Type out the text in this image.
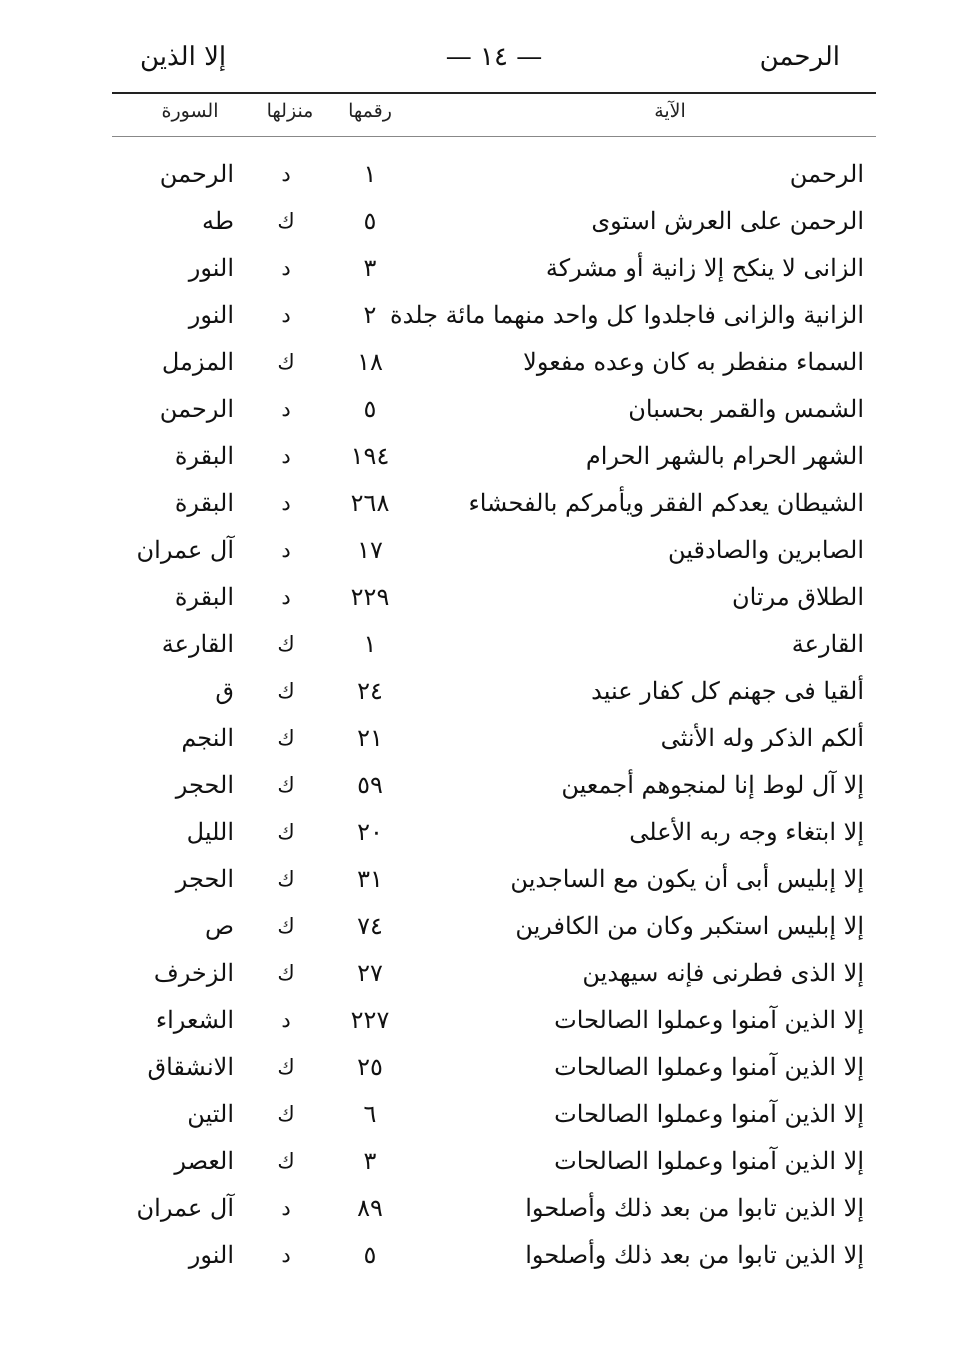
الرحمن
— ١٤ —
إلا الذين
الآية
رقمها
منزلها
السورة
الرحمن
١
د
الرحمن
الرحمن على العرش استوى
٥
ك
طه
الزانى لا ينكح إلا زانية أو مشركة
٣
د
النور
الزانية والزانى فاجلدوا كل واحد منهما مائة جلدة
٢
د
النور
السماء منفطر به كان وعده مفعولا
١٨
ك
المزمل
الشمس والقمر بحسبان
٥
د
الرحمن
الشهر الحرام بالشهر الحرام
١٩٤
د
البقرة
الشيطان يعدكم الفقر ويأمركم بالفحشاء
٢٦٨
د
البقرة
الصابرين والصادقين
١٧
د
آل عمران
الطلاق مرتان
٢٢٩
د
البقرة
القارعة
١
ك
القارعة
ألقيا فى جهنم كل كفار عنيد
٢٤
ك
ق
ألكم الذكر وله الأنثى
٢١
ك
النجم
إلا آل لوط إنا لمنجوهم أجمعين
٥٩
ك
الحجر
إلا ابتغاء وجه ربه الأعلى
٢٠
ك
الليل
إلا إبليس أبى أن يكون مع الساجدين
٣١
ك
الحجر
إلا إبليس استكبر وكان من الكافرين
٧٤
ك
ص
إلا الذى فطرنى فإنه سيهدين
٢٧
ك
الزخرف
إلا الذين آمنوا وعملوا الصالحات
٢٢٧
د
الشعراء
إلا الذين آمنوا وعملوا الصالحات
٢٥
ك
الانشقاق
إلا الذين آمنوا وعملوا الصالحات
٦
ك
التين
إلا الذين آمنوا وعملوا الصالحات
٣
ك
العصر
إلا الذين تابوا من بعد ذلك وأصلحوا
٨٩
د
آل عمران
إلا الذين تابوا من بعد ذلك وأصلحوا
٥
د
النور
